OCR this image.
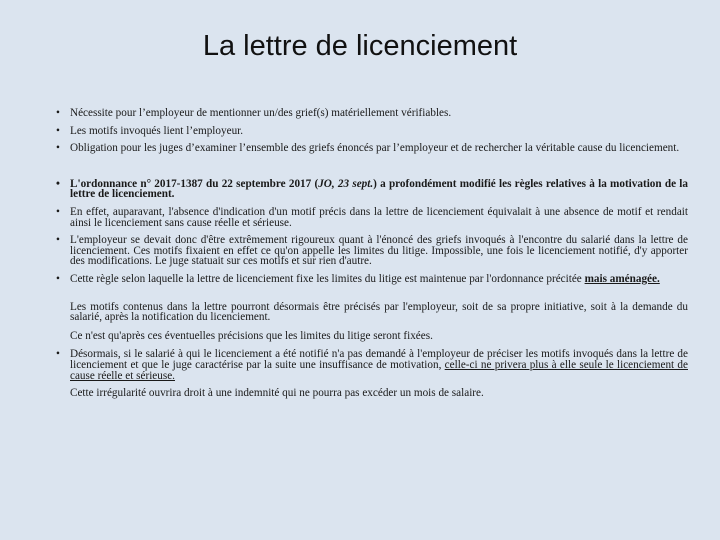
La lettre de licenciement
• Nécessite pour l’employeur de mentionner un/des grief(s) matériellement vérifiables.
• Les motifs invoqués lient l’employeur.
• Obligation pour les juges d’examiner l’ensemble des griefs énoncés par l’employeur et de rechercher la véritable cause du licenciement.
• L'ordonnance n° 2017-1387 du 22 septembre 2017 (JO, 23 sept.) a profondément modifié les règles relatives à la motivation de la lettre de licenciement.
• En effet, auparavant, l'absence d'indication d'un motif précis dans la lettre de licenciement équivalait à une absence de motif et rendait ainsi le licenciement sans cause réelle et sérieuse.
• L'employeur se devait donc d'être extrêmement rigoureux quant à l'énoncé des griefs invoqués à l'encontre du salarié dans la lettre de licenciement. Ces motifs fixaient en effet ce qu'on appelle les limites du litige. Impossible, une fois le licenciement notifié, d'y apporter des modifications. Le juge statuait sur ces motifs et sur rien d'autre.
• Cette règle selon laquelle la lettre de licenciement fixe les limites du litige est maintenue par l'ordonnance précitée mais aménagée.
Les motifs contenus dans la lettre pourront désormais être précisés par l'employeur, soit de sa propre initiative, soit à la demande du salarié, après la notification du licenciement.
Ce n'est qu'après ces éventuelles précisions que les limites du litige seront fixées.
• Désormais, si le salarié à qui le licenciement a été notifié n'a pas demandé à l'employeur de préciser les motifs invoqués dans la lettre de licenciement et que le juge caractérise par la suite une insuffisance de motivation, celle-ci ne privera plus à elle seule le licenciement de cause réelle et sérieuse.
Cette irrégularité ouvrira droit à une indemnité qui ne pourra pas excéder un mois de salaire.
